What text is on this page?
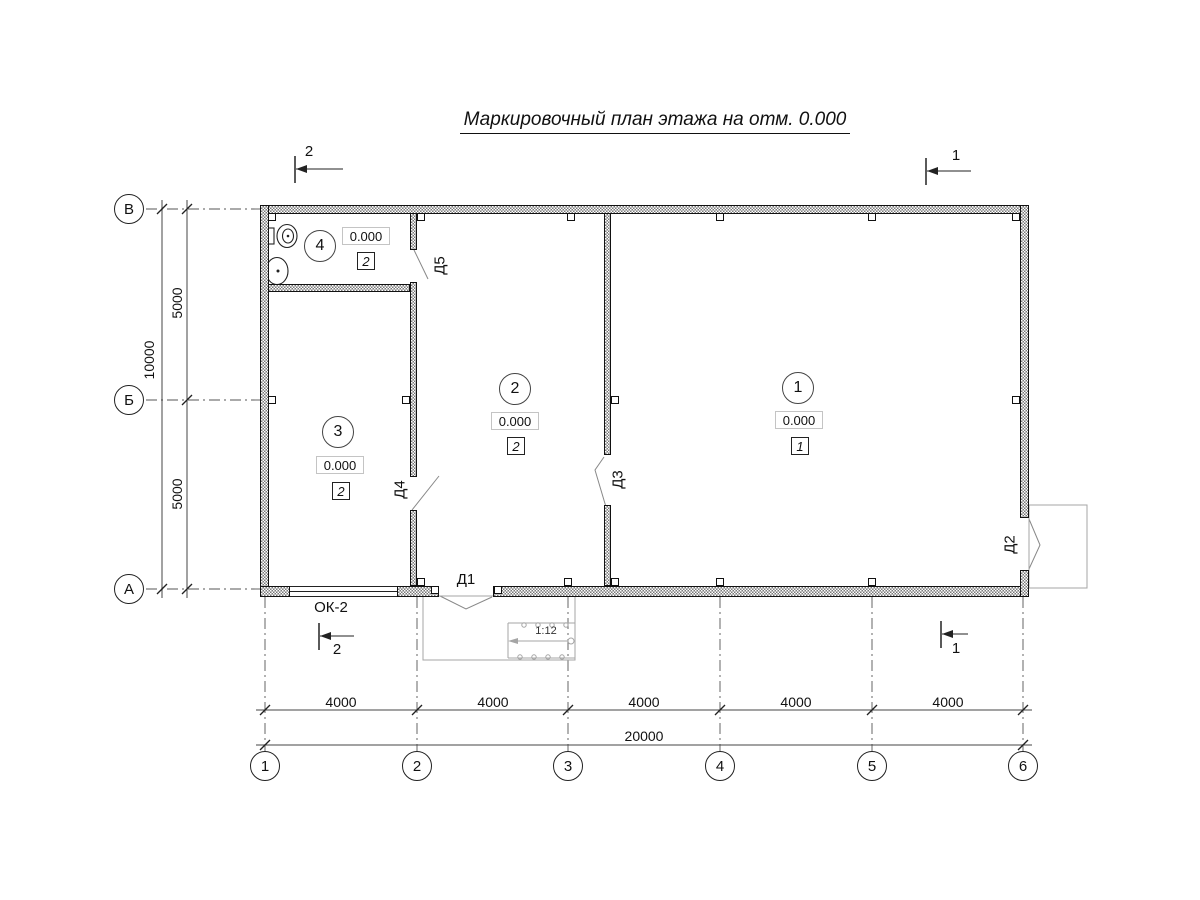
Маркировочный план этажа на отм. 0.000
В
Б
А
1	2	3	4	5	6
10000
5000
5000
4000	4000	4000	4000	4000
20000
2	1
2	1
1
0.000
1
2
0.000
2
3
0.000
2
4
0.000
2
Д1
Д2
Д3
Д4
Д5
ОК-2
1:12
